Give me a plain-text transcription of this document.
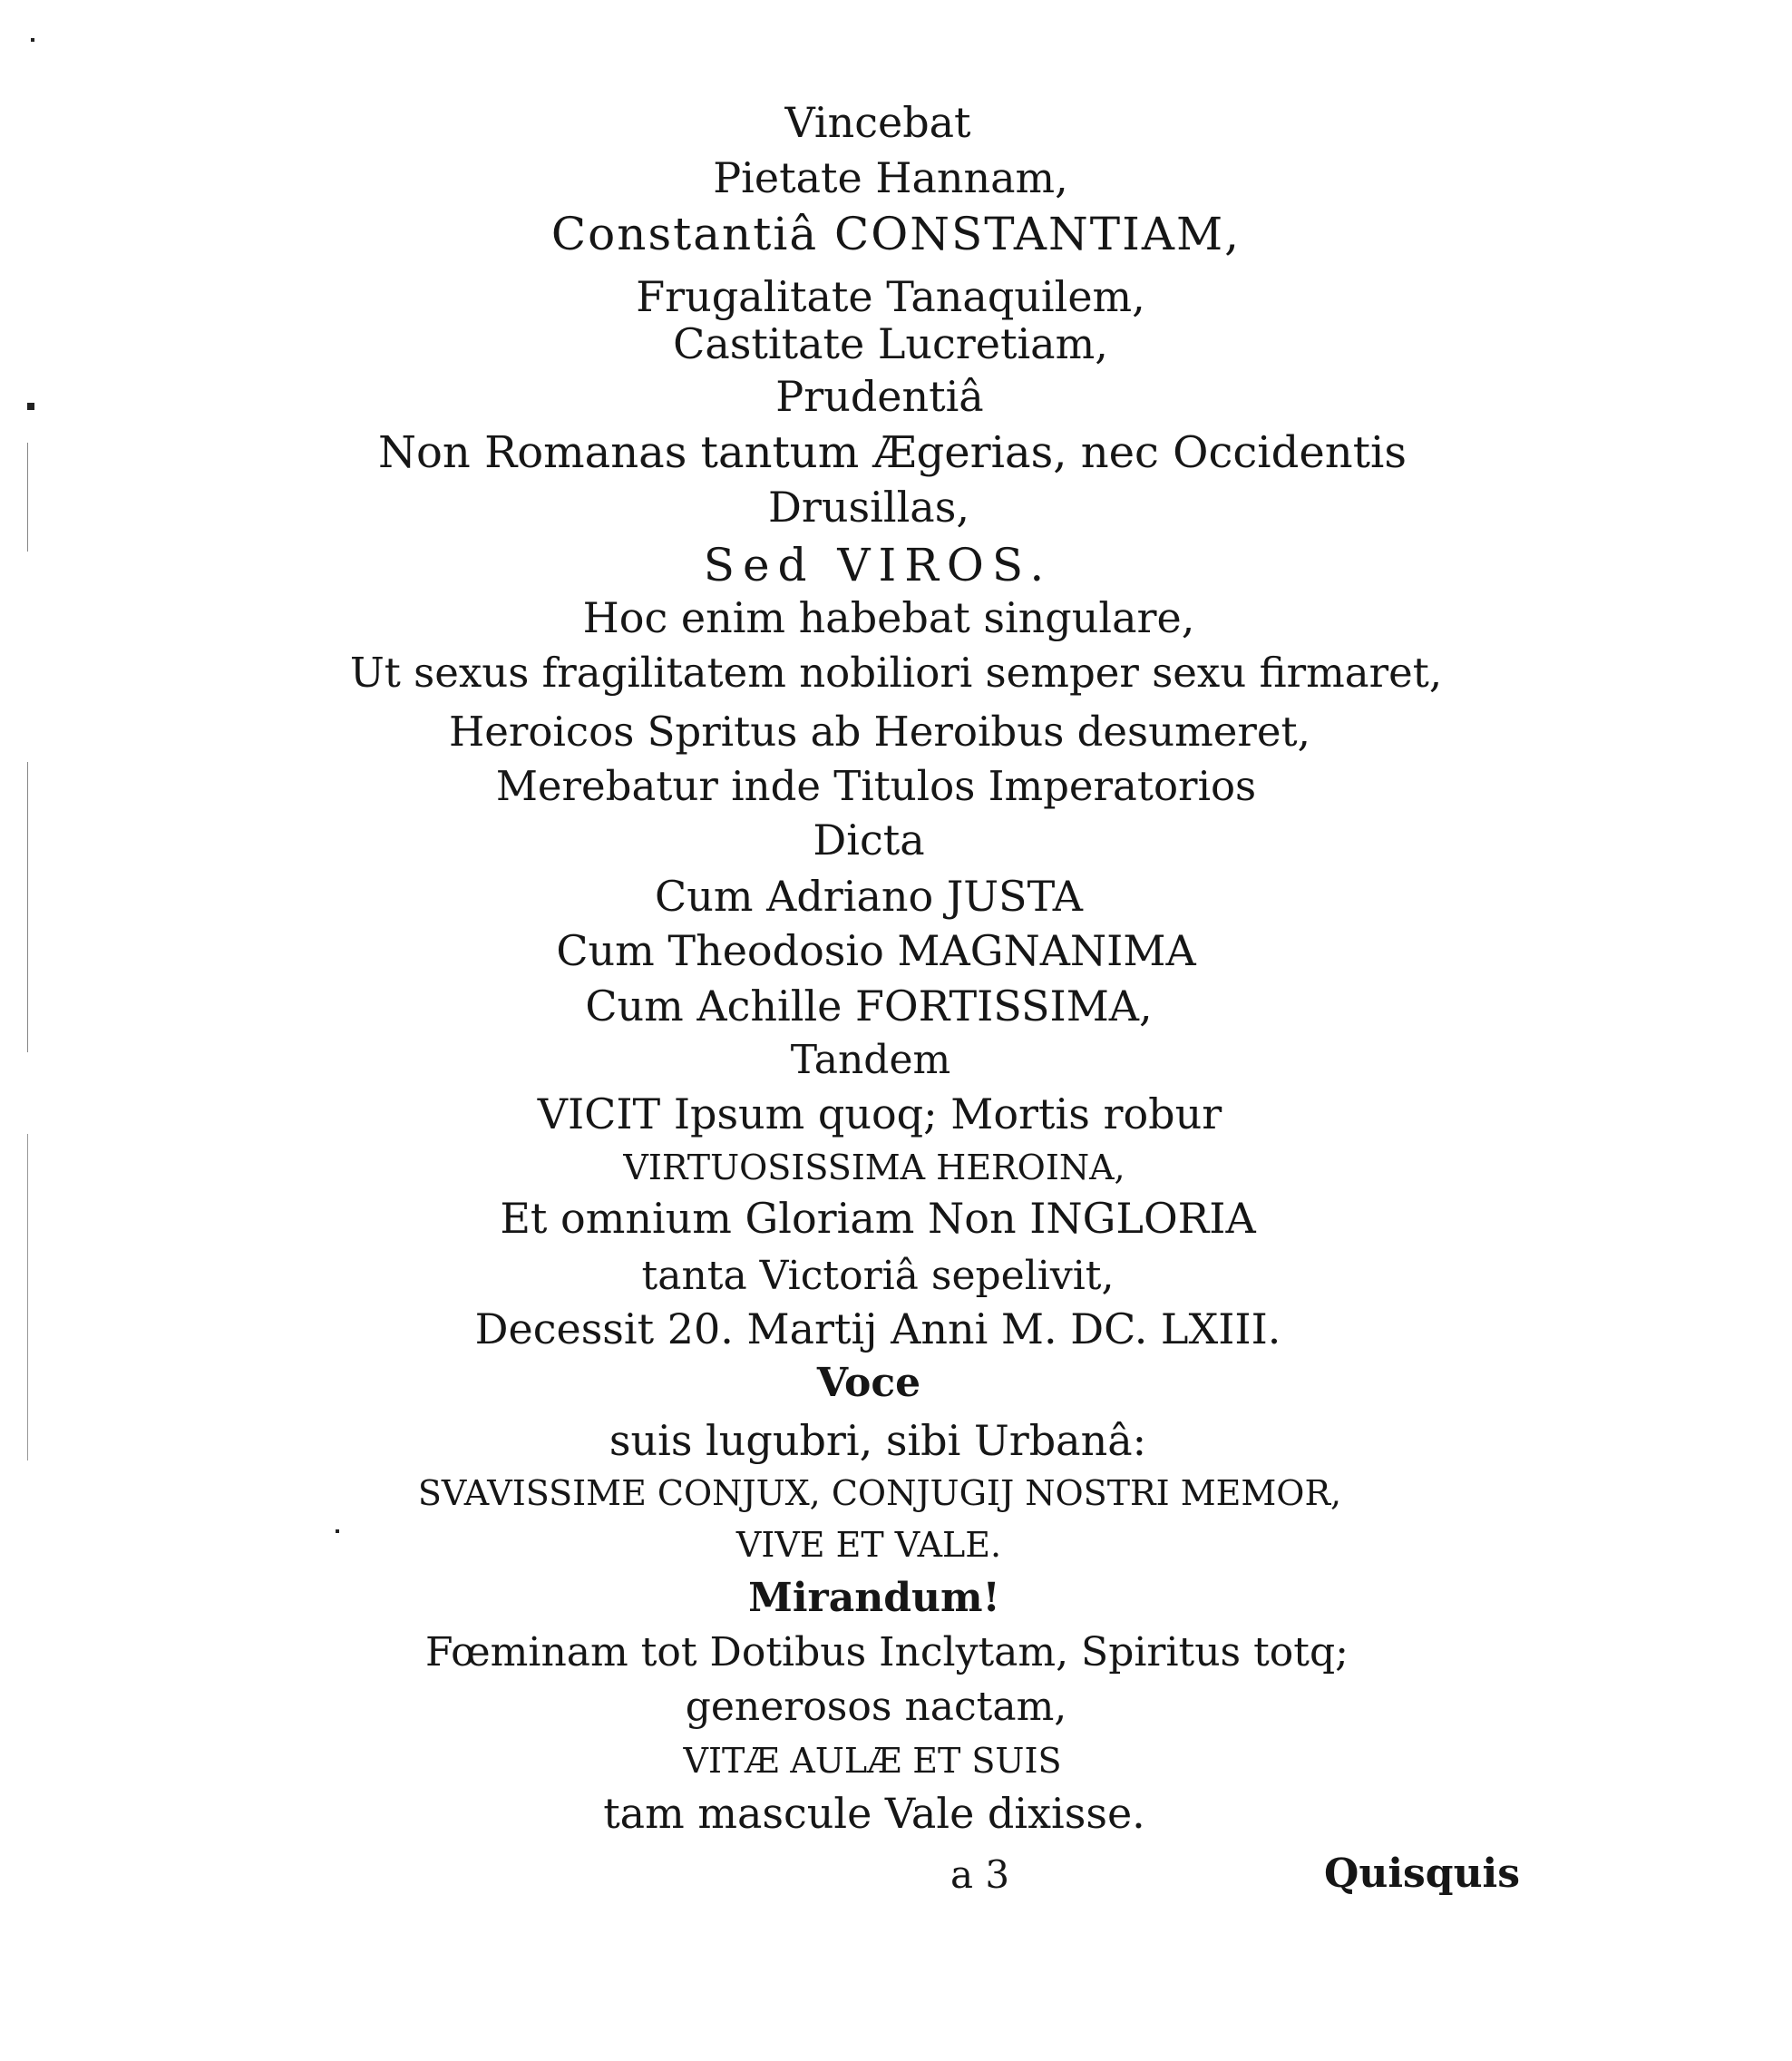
Vincebat
Pietate Hannam,
Constantiâ CONSTANTIAM,
Frugalitate Tanaquilem,
Castitate Lucretiam,
Prudentiâ
Non Romanas tantum Ægerias, nec Occidentis
Drusillas,
Sed VIROS.
Hoc enim habebat singulare,
Ut sexus fragilitatem nobiliori semper sexu firmaret,
Heroicos Spritus ab Heroibus desumeret,
Merebatur inde Titulos Imperatorios
Dicta
Cum Adriano JUSTA
Cum Theodosio MAGNANIMA
Cum Achille FORTISSIMA,
Tandem
VICIT Ipsum quoq; Mortis robur
VIRTUOSISSIMA HEROINA,
Et omnium Gloriam Non INGLORIA
tanta Victoriâ sepelivit,
Decessit 20. Martij Anni M. DC. LXIII.
Voce
suis lugubri, sibi Urbanâ:
SVAVISSIME CONJUX, CONJUGIJ NOSTRI MEMOR,
VIVE ET VALE.
Mirandum!
Fœminam tot Dotibus Inclytam, Spiritus totq;
generosos nactam,
VITÆ AULÆ ET SUIS
tam mascule Vale dixisse.
a 3	Quisquis
